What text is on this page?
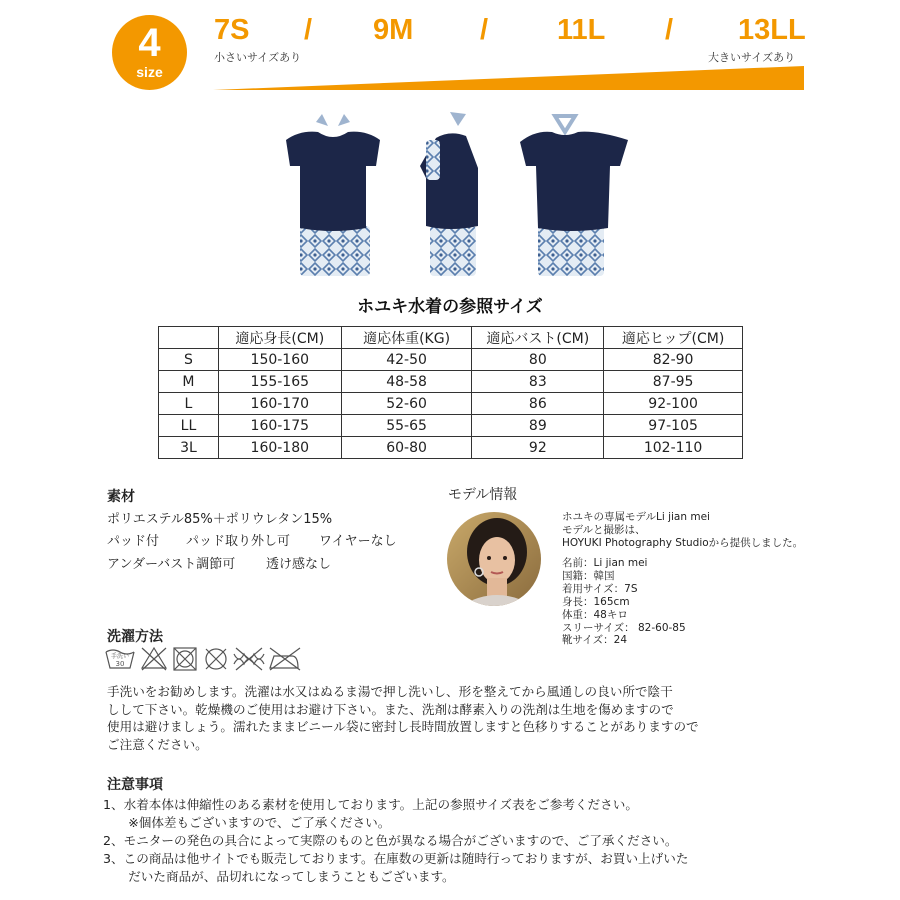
4
size
7S / 9M / 11L / 13LL
小さいサイズあり	大きいサイズあり
ホユキ水着の参照サイズ
	適応身長(CM)	適応体重(KG)	適応バスト(CM)	適応ヒップ(CM)
S	150-160	42-50	80	82-90
M	155-165	48-58	83	87-95
L	160-170	52-60	86	92-100
LL	160-175	55-65	89	97-105
3L	160-180	60-80	92	102-110
素材
ポリエステル85%＋ポリウレタン15%
パッド付 パッド取り外し可 ワイヤーなし
アンダーバスト調節可 透け感なし
モデル情報
ホユキの専属モデルLi jian mei
モデルと撮影は、
HOYUKI Photography Studioから提供しました。
名前：Li jian mei
国籍：韓国
着用サイズ：7S
身長：165cm
体重：48キロ
スリーサイズ： 82-60-85
靴サイズ：24
洗濯方法
手洗い
30
手洗いをお勧めします。洗濯は水又はぬるま湯で押し洗いし、形を整えてから風通しの良い所で陰干
しして下さい。乾燥機のご使用はお避け下さい。また、洗剤は酵素入りの洗剤は生地を傷めますので
使用は避けましょう。濡れたままビニール袋に密封し長時間放置しますと色移りすることがありますので
ご注意ください。
注意事項
1、水着本体は伸縮性のある素材を使用しております。上記の参照サイズ表をご参考ください。
　　※個体差もございますので、ご了承ください。
2、モニターの発色の具合によって実際のものと色が異なる場合がございますので、ご了承ください。
3、この商品は他サイトでも販売しております。在庫数の更新は随時行っておりますが、お買い上げいた
　　だいた商品が、品切れになってしまうこともございます。
